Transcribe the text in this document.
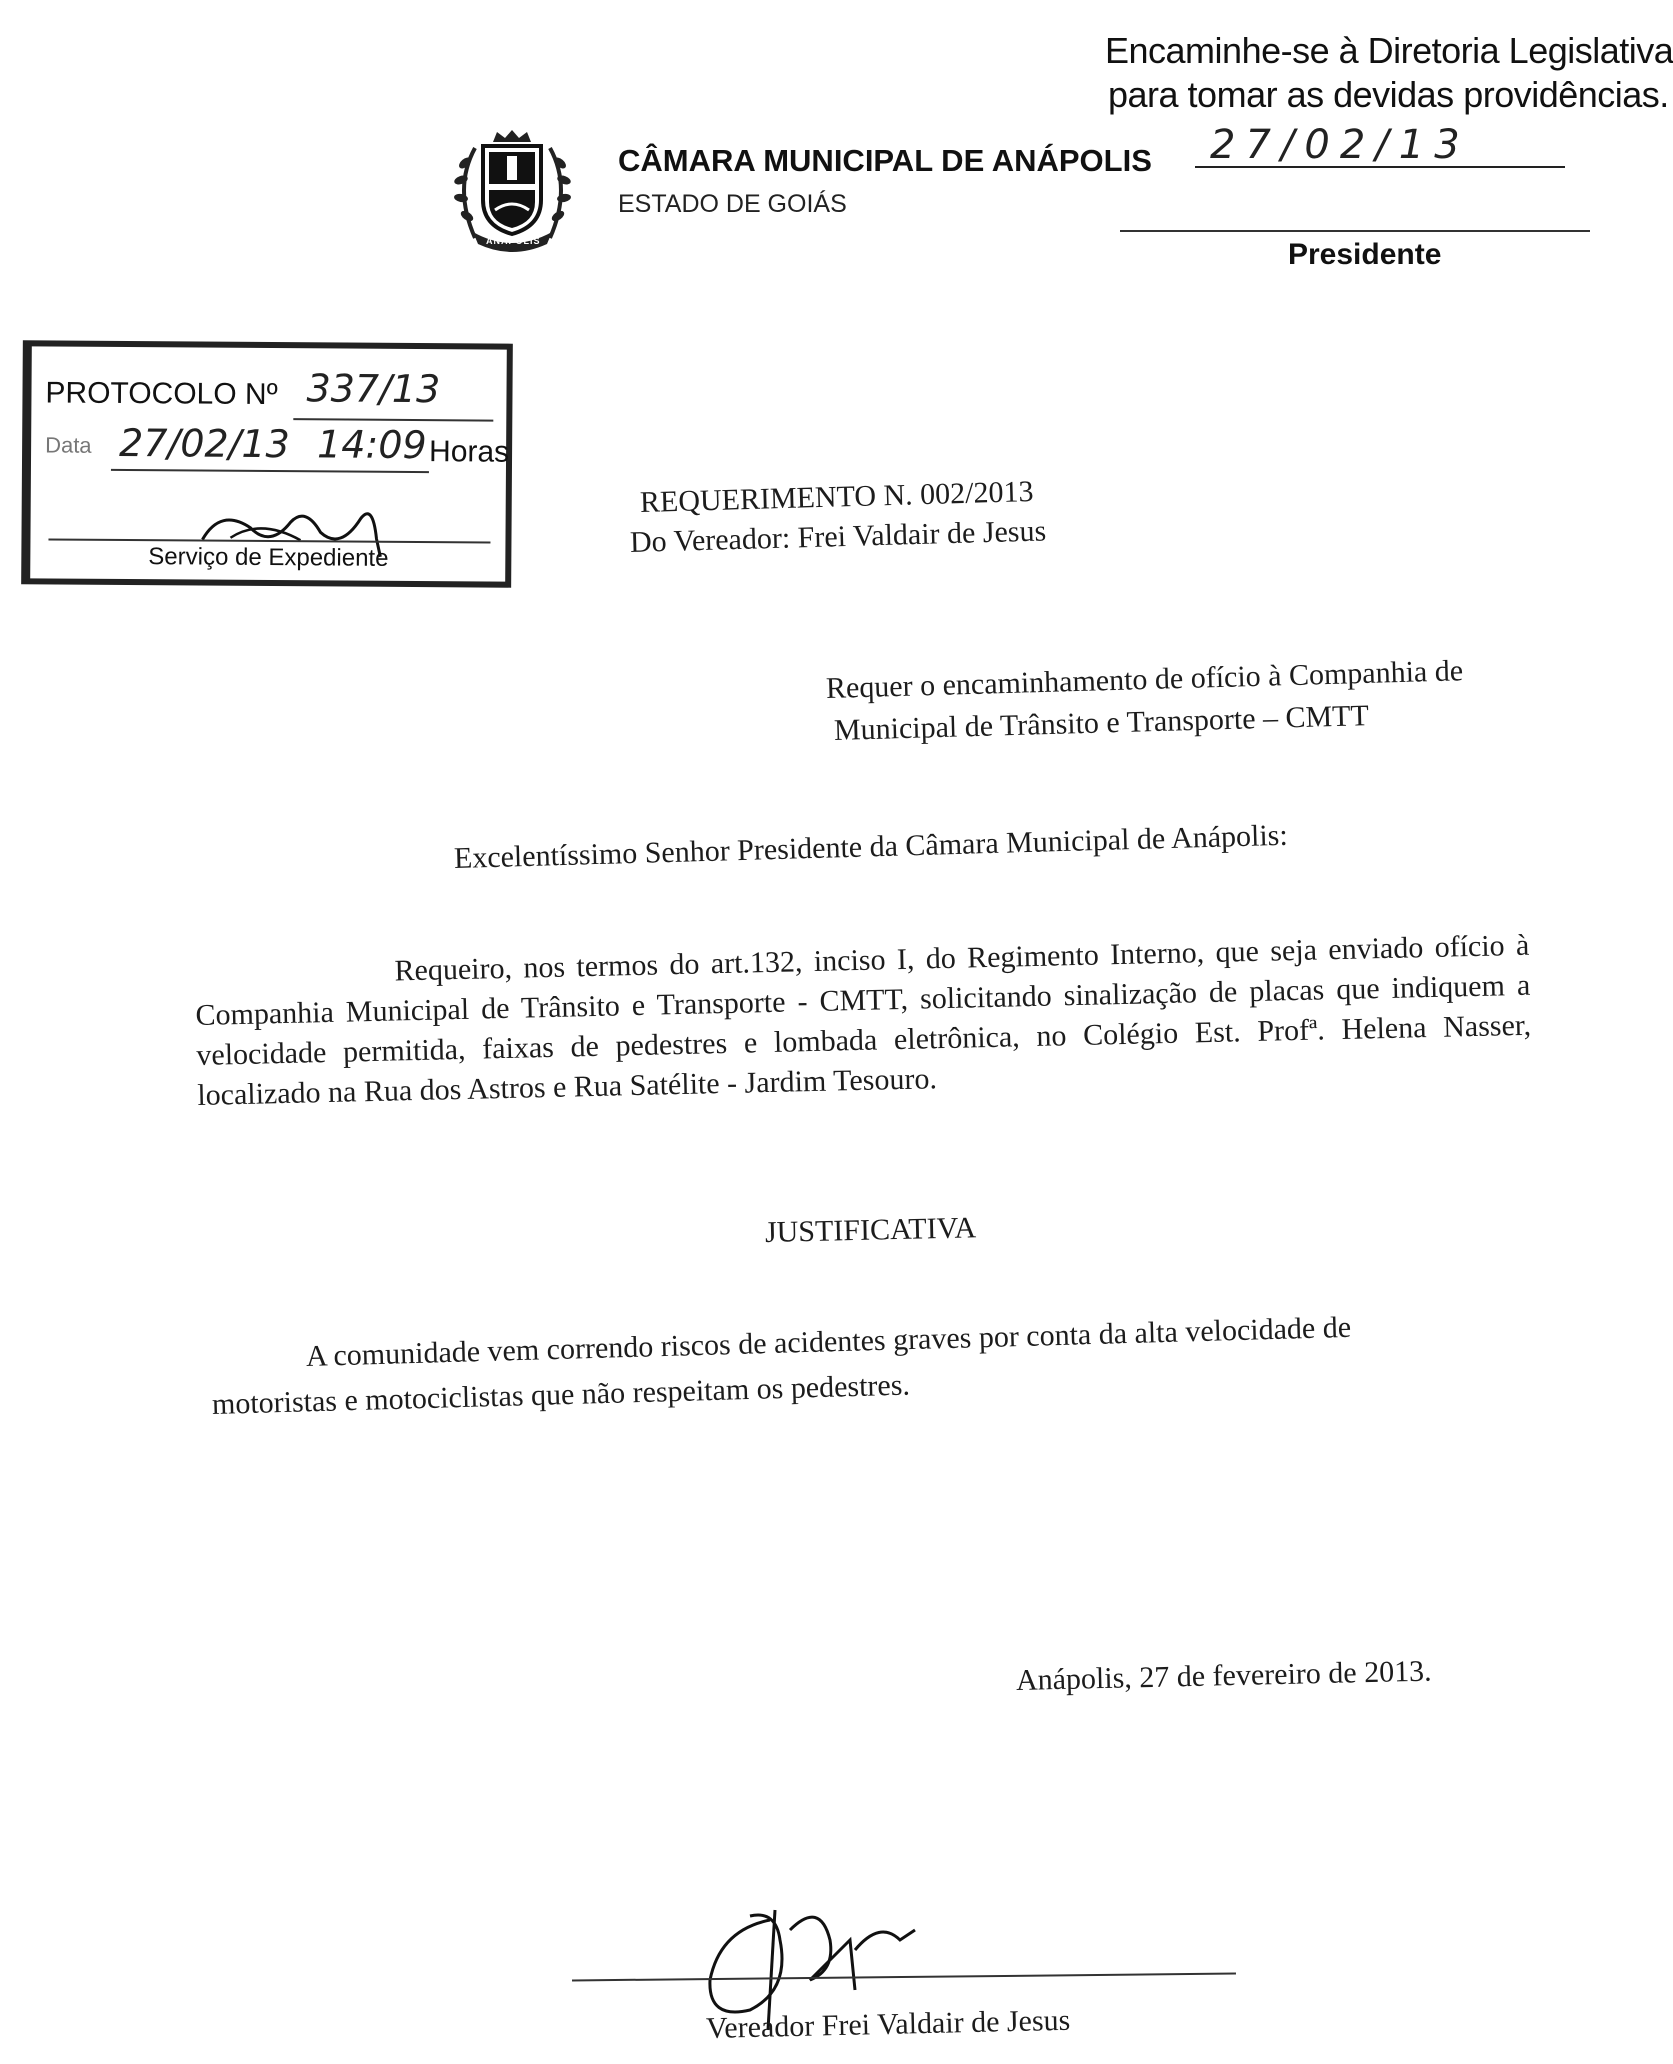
Encaminhe-se à Diretoria Legislativa
para tomar as devidas providências.
27/02/13
Presidente
ANÁPOLIS
CÂMARA MUNICIPAL DE ANÁPOLIS
ESTADO DE GOIÁS
PROTOCOLO Nº 337/13
Data 27/02/13 14:09 Horas
Serviço de Expediente
REQUERIMENTO N. 002/2013
Do Vereador: Frei Valdair de Jesus
Requer o encaminhamento de ofício à Companhia de
Municipal de Trânsito e Transporte – CMTT
Excelentíssimo Senhor Presidente da Câmara Municipal de Anápolis:
Requeiro, nos termos do art.132, inciso I, do Regimento Interno, que seja enviado ofício à Companhia Municipal de Trânsito e Transporte - CMTT, solicitando sinalização de placas que indiquem a velocidade permitida, faixas de pedestres e lombada eletrônica, no Colégio Est. Profª. Helena Nasser, localizado na Rua dos Astros e Rua Satélite - Jardim Tesouro.
JUSTIFICATIVA
A comunidade vem correndo riscos de acidentes graves por conta da alta velocidade de
motoristas e motociclistas que não respeitam os pedestres.
Anápolis, 27 de fevereiro de 2013.
Vereador Frei Valdair de Jesus
